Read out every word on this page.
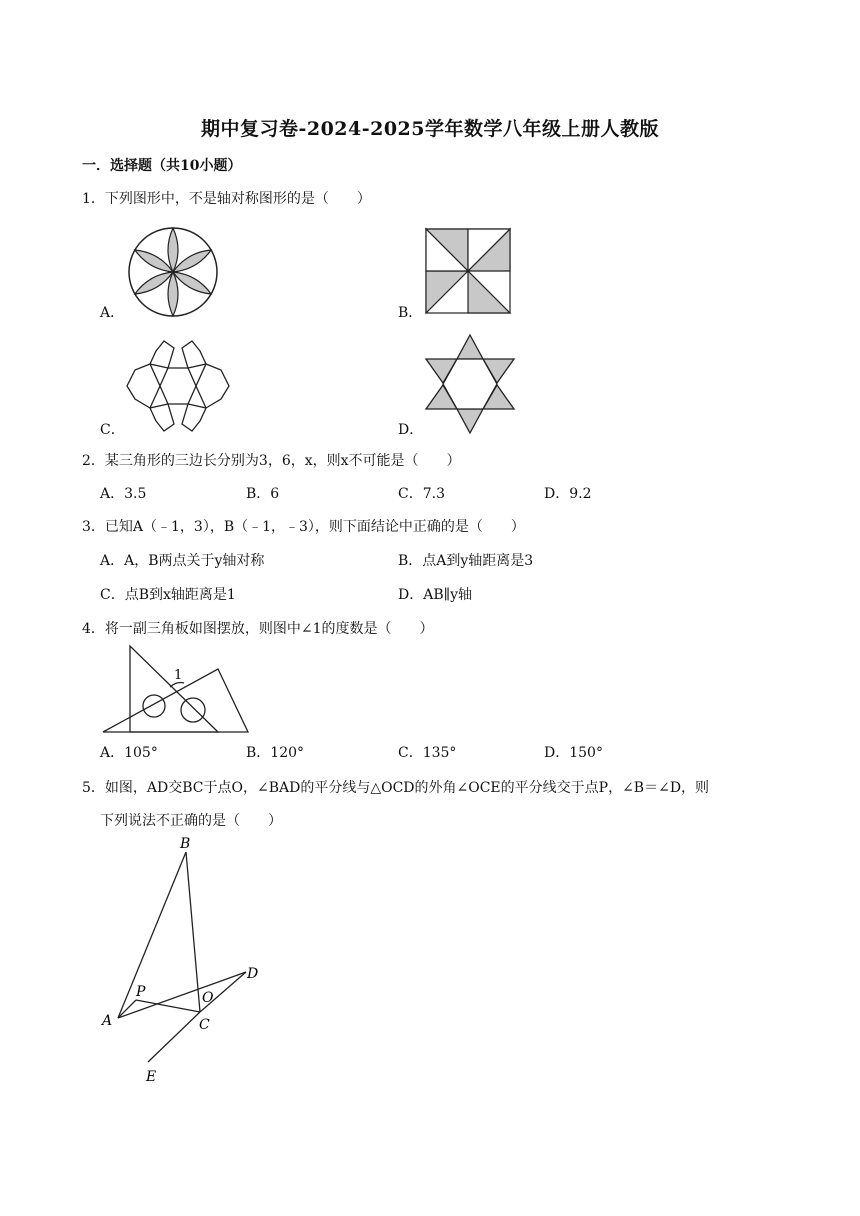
期中复习卷-2024-2025学年数学八年级上册人教版
一．选择题（共10小题）
1．下列图形中，不是轴对称图形的是（　　）
A．	B．
C．	D．
2．某三角形的三边长分别为3，6，x，则x不可能是（　　）
A．3.5	B．6	C．7.3	D．9.2
3．已知A（﹣1，3），B（﹣1，﹣3），则下面结论中正确的是（　　）
A．A，B两点关于y轴对称	B．点A到y轴距离是3
C．点B到x轴距离是1	D．AB∥y轴
4．将一副三角板如图摆放，则图中∠1的度数是（　　）
1
A．105°	B．120°	C．135°	D．150°
5．如图，AD交BC于点O，∠BAD的平分线与△OCD的外角∠OCE的平分线交于点P，∠B＝∠D，则
下列说法不正确的是（　　）
B
D
P	O
A	C
E
